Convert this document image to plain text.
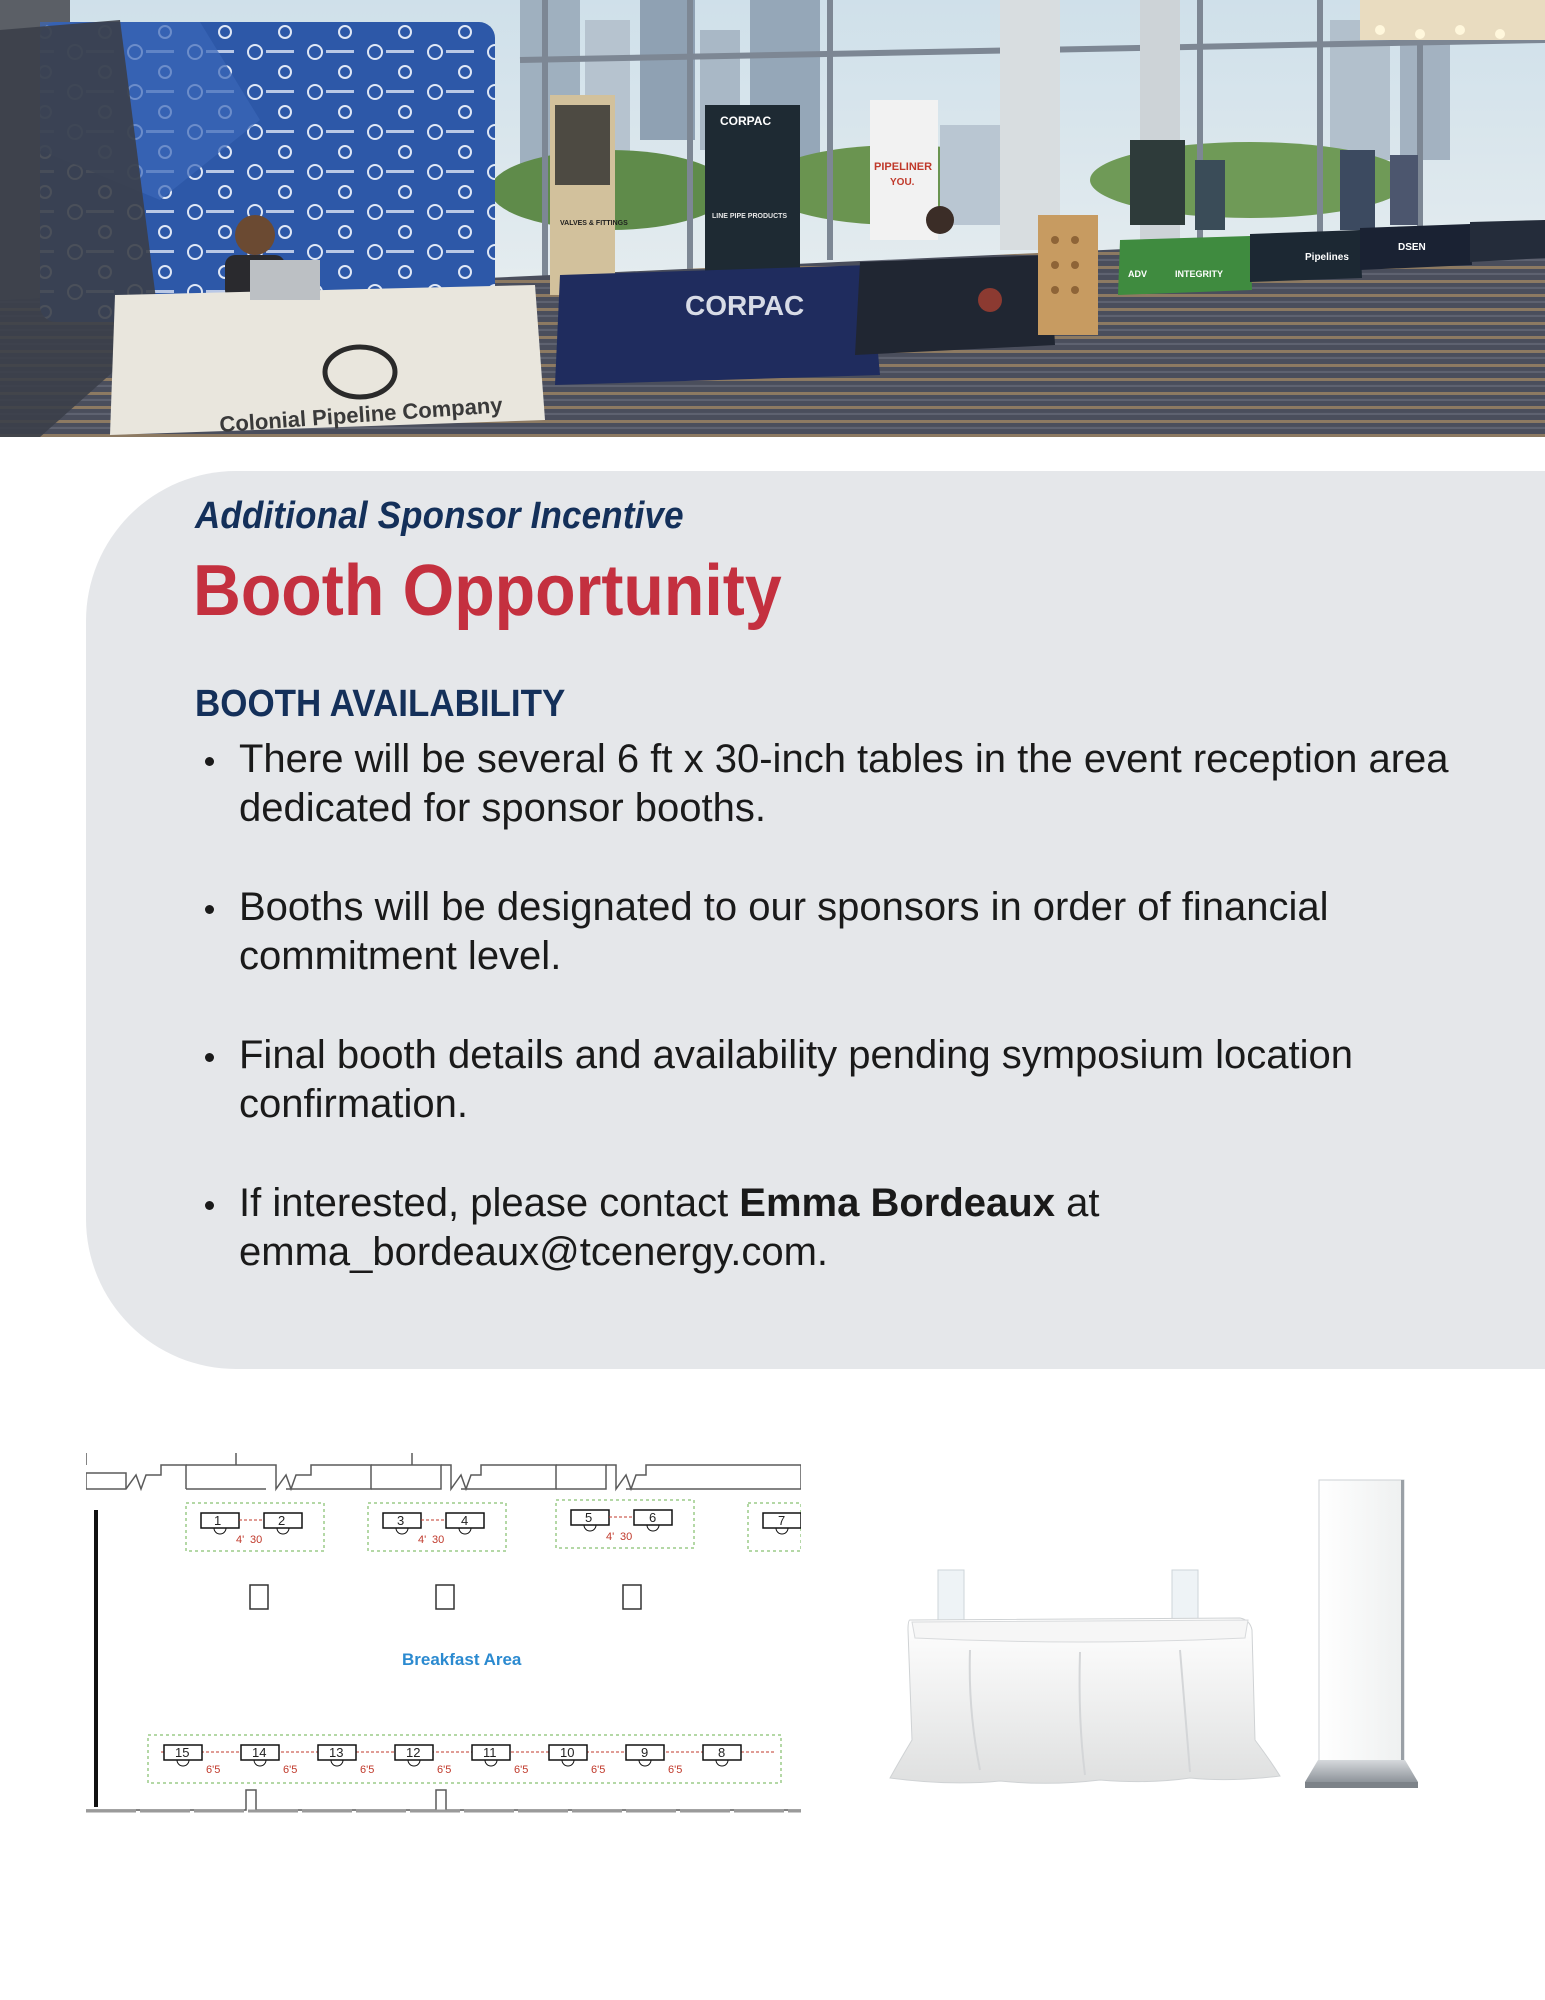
Colonial Pipeline Company
CORPAC
VALVES & FITTINGS
LINE PIPE PRODUCTS
CORPAC
PIPELINER
YOU.
INTEGRITY
ADV
Pipelines
DSEN
Additional Sponsor Incentive
Booth Opportunity
BOOTH AVAILABILITY
There will be several 6 ft x 30-inch tables in the event reception area dedicated for sponsor booths.
Booths will be designated to our sponsors in order of financial commitment level.
Final booth details and availability pending symposium location confirmation.
If interested, please contact Emma Bordeaux at
emma_bordeaux@tcenergy.com.
1	2
4' 30
3	4
4' 30
5	6
4' 30
7
Breakfast Area
15	14	13	12	11	10	9	8
6'5	6'5	6'5	6'5	6'5	6'5	6'5
